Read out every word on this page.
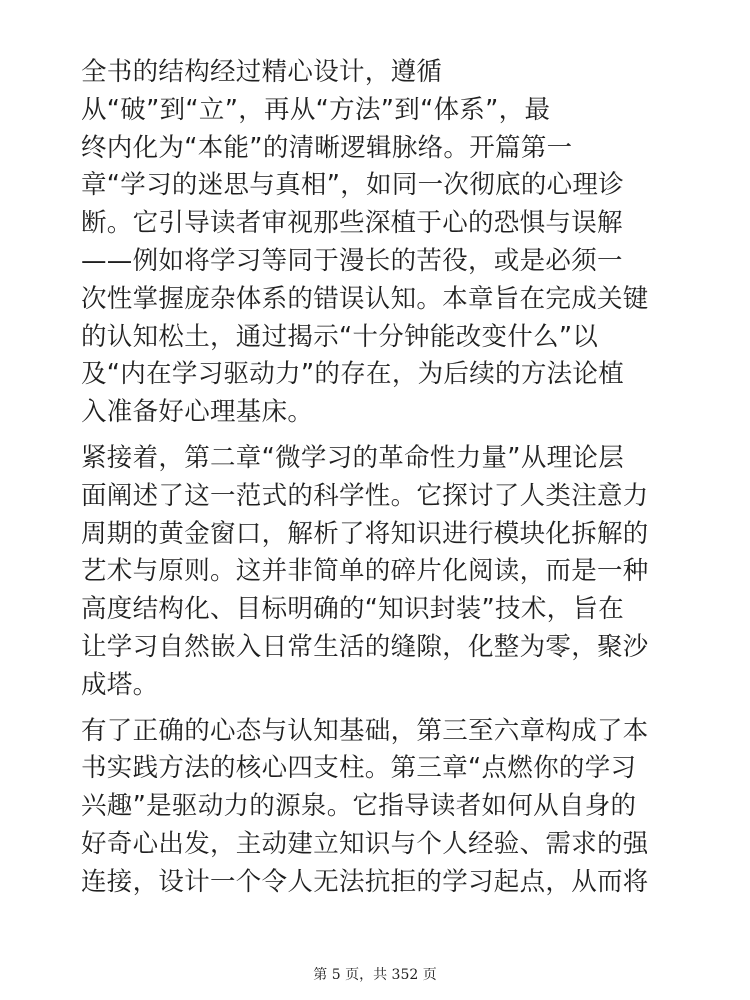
全书的结构经过精心设计，遵循
从“破”到“立”，再从“方法”到“体系”，最
终内化为“本能”的清晰逻辑脉络。开篇第一
章“学习的迷思与真相”，如同一次彻底的心理诊
断。它引导读者审视那些深植于心的恐惧与误解
——例如将学习等同于漫长的苦役，或是必须一
次性掌握庞杂体系的错误认知。本章旨在完成关键
的认知松土，通过揭示“十分钟能改变什么”以
及“内在学习驱动力”的存在，为后续的方法论植
入准备好心理基床。
紧接着，第二章“微学习的革命性力量”从理论层
面阐述了这一范式的科学性。它探讨了人类注意力
周期的黄金窗口，解析了将知识进行模块化拆解的
艺术与原则。这并非简单的碎片化阅读，而是一种
高度结构化、目标明确的“知识封装”技术，旨在
让学习自然嵌入日常生活的缝隙，化整为零，聚沙
成塔。
有了正确的心态与认知基础，第三至六章构成了本
书实践方法的核心四支柱。第三章“点燃你的学习
兴趣”是驱动力的源泉。它指导读者如何从自身的
好奇心出发，主动建立知识与个人经验、需求的强
连接，设计一个令人无法抗拒的学习起点，从而将
第 5 页，共 352 页
